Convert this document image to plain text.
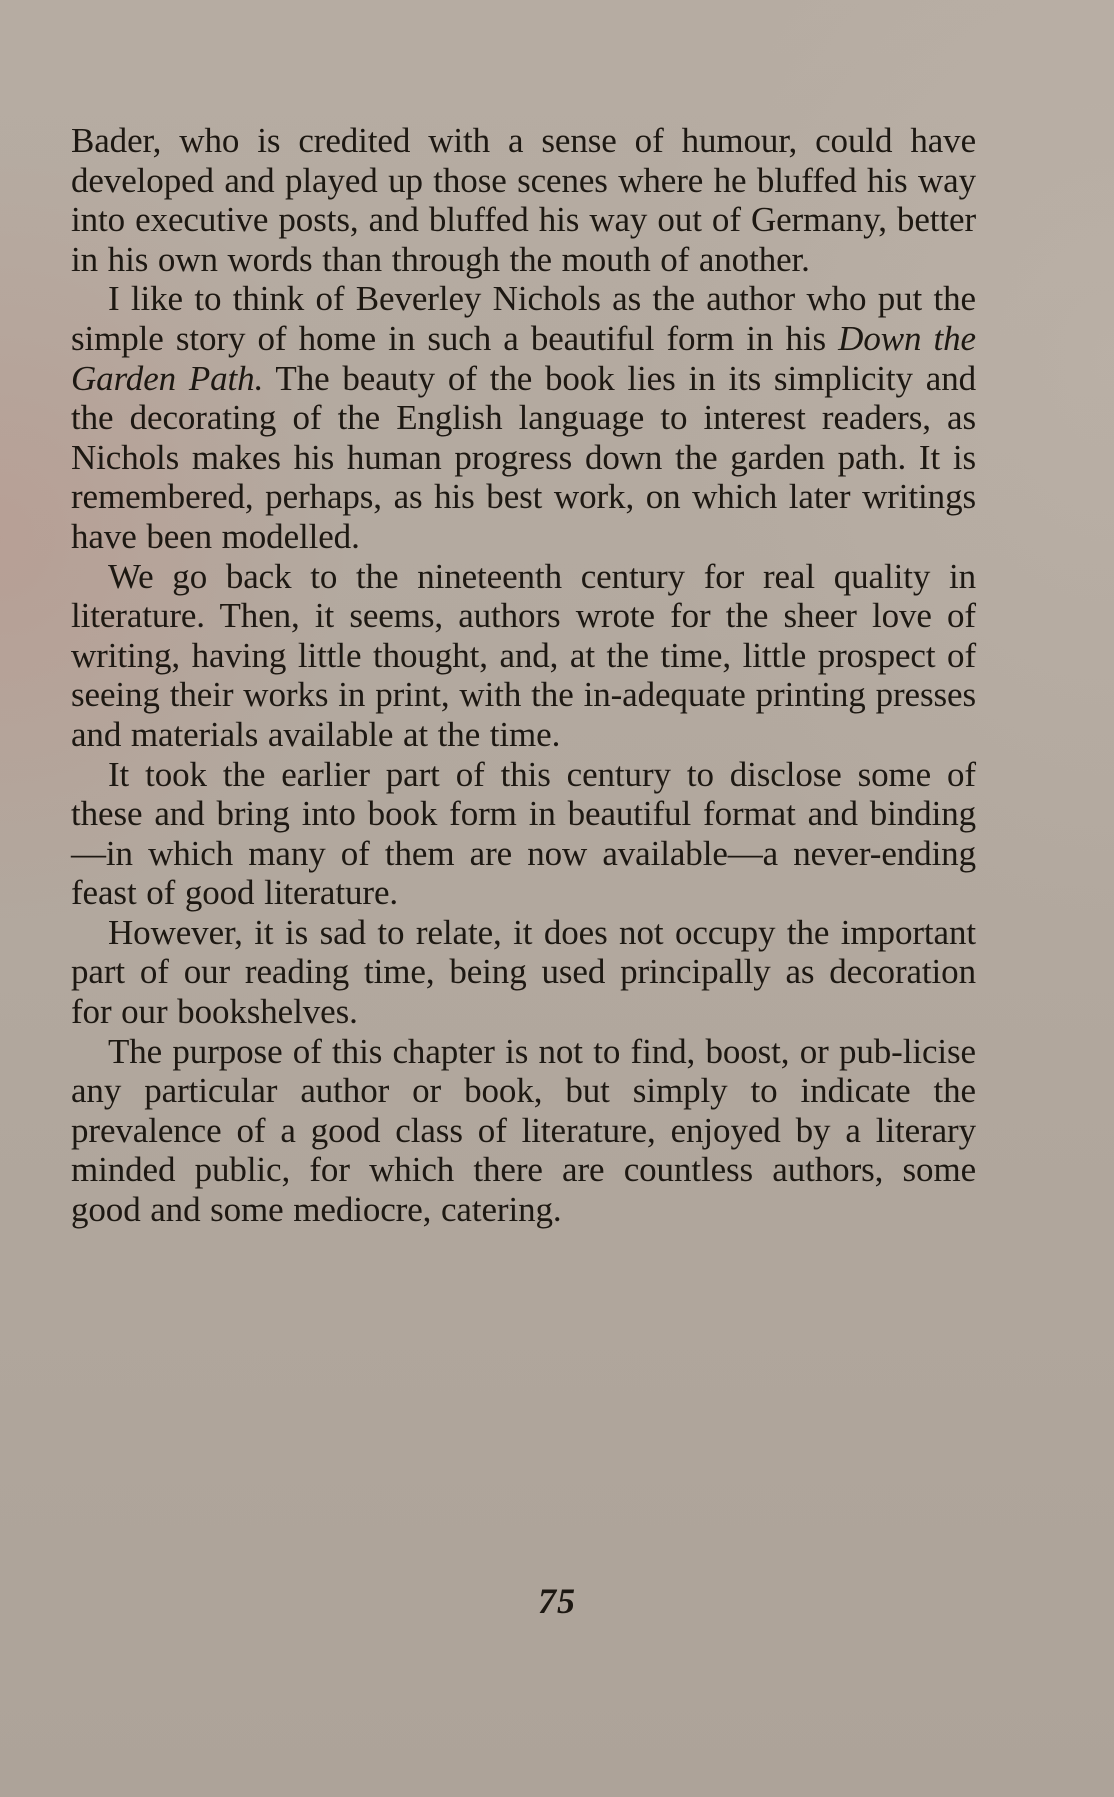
Bader, who is credited with a sense of humour, could have developed and played up those scenes where he bluffed his way into executive posts, and bluffed his way out of Germany, better in his own words than through the mouth of another.

I like to think of Beverley Nichols as the author who put the simple story of home in such a beautiful form in his Down the Garden Path. The beauty of the book lies in its simplicity and the decorating of the English language to interest readers, as Nichols makes his human progress down the garden path. It is remembered, perhaps, as his best work, on which later writings have been modelled.

We go back to the nineteenth century for real quality in literature. Then, it seems, authors wrote for the sheer love of writing, having little thought, and, at the time, little prospect of seeing their works in print, with the in-adequate printing presses and materials available at the time.

It took the earlier part of this century to disclose some of these and bring into book form in beautiful format and binding—in which many of them are now available—a never-ending feast of good literature.

However, it is sad to relate, it does not occupy the important part of our reading time, being used principally as decoration for our bookshelves.

The purpose of this chapter is not to find, boost, or pub-licise any particular author or book, but simply to indicate the prevalence of a good class of literature, enjoyed by a literary minded public, for which there are countless authors, some good and some mediocre, catering.

75
